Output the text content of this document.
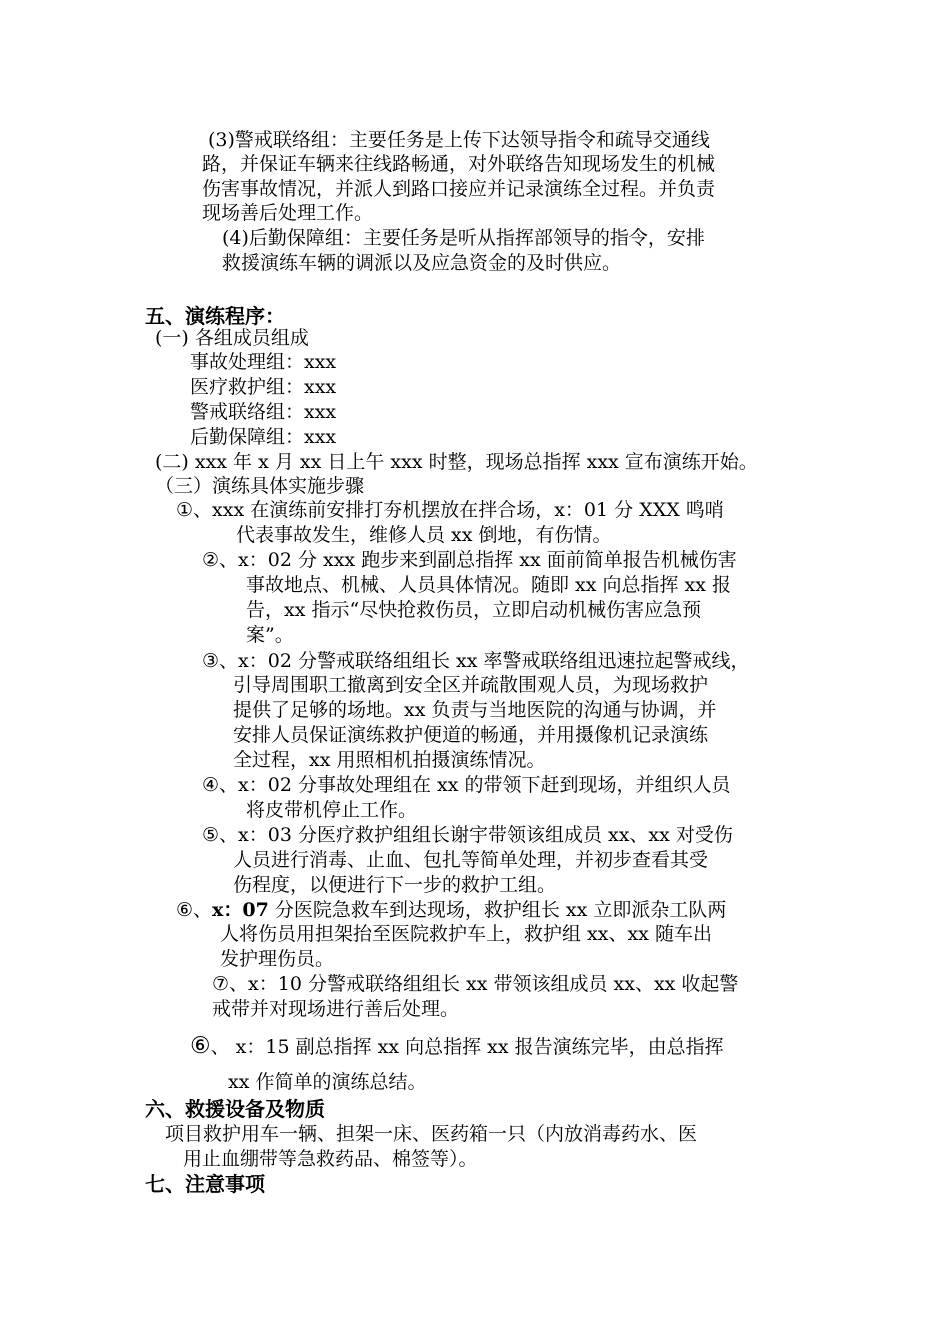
(3)警戒联络组：主要任务是上传下达领导指令和疏导交通线
路，并保证车辆来往线路畅通，对外联络告知现场发生的机械
伤害事故情况，并派人到路口接应并记录演练全过程。并负责
现场善后处理工作。
(4)后勤保障组：主要任务是听从指挥部领导的指令，安排
救援演练车辆的调派以及应急资金的及时供应。
五、演练程序：
(一) 各组成员组成
事故处理组：xxx
医疗救护组：xxx
警戒联络组：xxx
后勤保障组：xxx
(二) xxx 年 x 月 xx 日上午 xxx 时整，现场总指挥 xxx 宣布演练开始。
（三）演练具体实施步骤
①、xxx 在演练前安排打夯机摆放在拌合场，x：01 分 XXX 鸣哨
代表事故发生，维修人员 xx 倒地，有伤情。
②、x：02 分 xxx 跑步来到副总指挥 xx 面前简单报告机械伤害
事故地点、机械、人员具体情况。随即 xx 向总指挥 xx 报
告，xx 指示“尽快抢救伤员，立即启动机械伤害应急预
案”。
③、x：02 分警戒联络组组长 xx 率警戒联络组迅速拉起警戒线，
引导周围职工撤离到安全区并疏散围观人员，为现场救护
提供了足够的场地。xx 负责与当地医院的沟通与协调，并
安排人员保证演练救护便道的畅通，并用摄像机记录演练
全过程，xx 用照相机拍摄演练情况。
④、x：02 分事故处理组在 xx 的带领下赶到现场，并组织人员
将皮带机停止工作。
⑤、x：03 分医疗救护组组长谢宇带领该组成员 xx、xx 对受伤
人员进行消毒、止血、包扎等简单处理，并初步查看其受
伤程度，以便进行下一步的救护工组。
⑥、x：07 分医院急救车到达现场，救护组长 xx 立即派杂工队两
人将伤员用担架抬至医院救护车上，救护组 xx、xx 随车出
发护理伤员。
⑦、x：10 分警戒联络组组长 xx 带领该组成员 xx、xx 收起警
戒带并对现场进行善后处理。
⑥、 x：15 副总指挥 xx 向总指挥 xx 报告演练完毕，由总指挥
xx 作简单的演练总结。
六、救援设备及物质
项目救护用车一辆、担架一床、医药箱一只（内放消毒药水、医
用止血绷带等急救药品、棉签等）。
七、注意事项
